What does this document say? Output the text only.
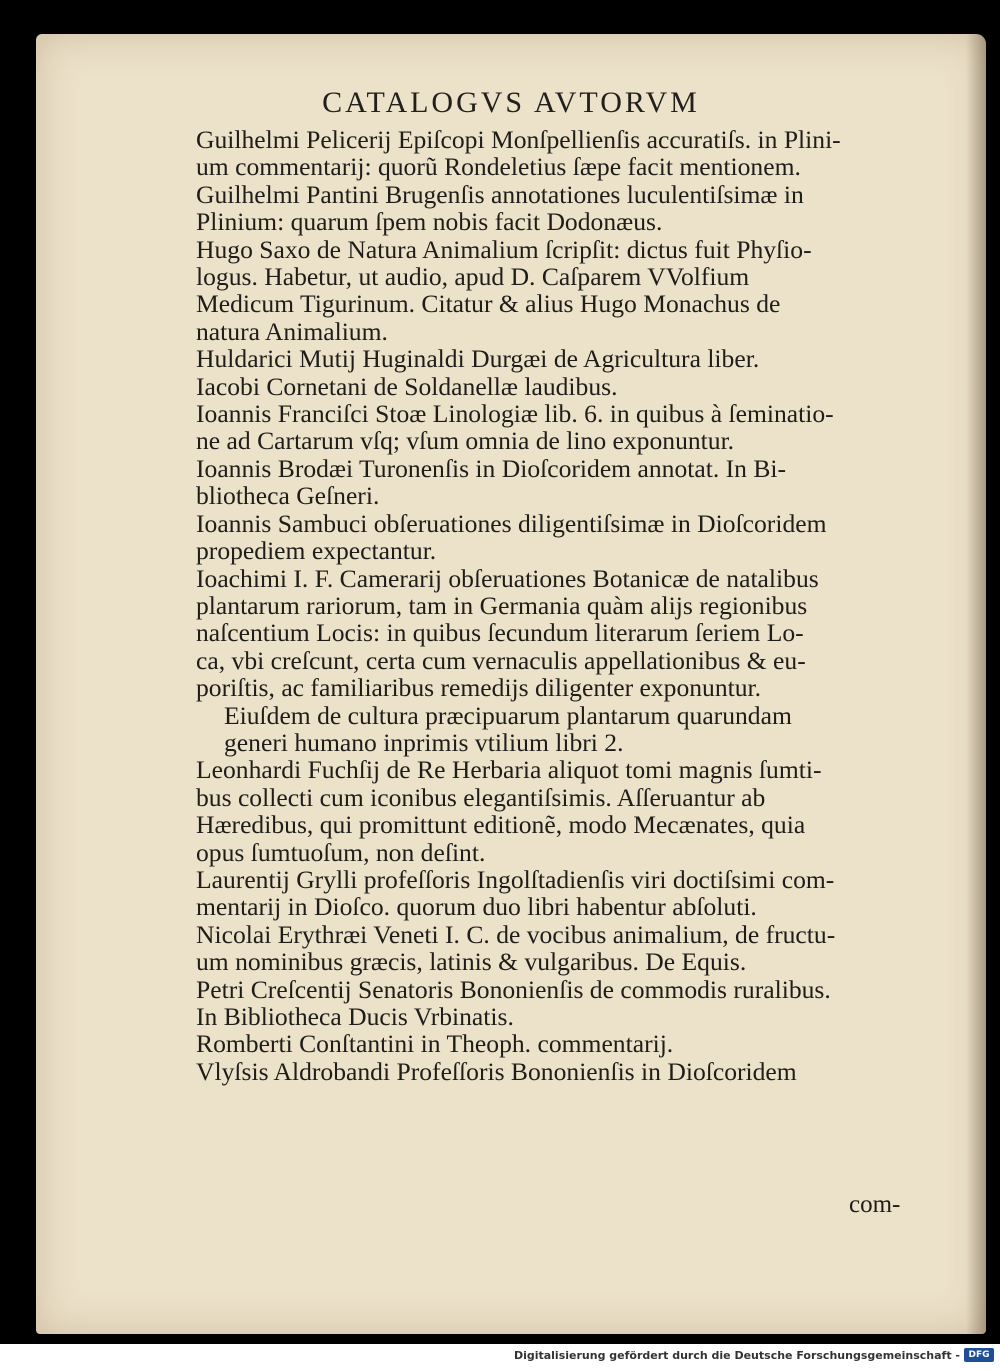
CATALOGVS AVTORVM
Guilhelmi Pelicerij Epiſcopi Monſpellienſis accuratiſs. in Plini-
um commentarij: quorũ Rondeletius ſæpe facit mentionem.
Guilhelmi Pantini Brugenſis annotationes luculentiſsimæ in
Plinium: quarum ſpem nobis facit Dodonæus.
Hugo Saxo de Natura Animalium ſcripſit: dictus fuit Phyſio-
logus. Habetur, ut audio, apud D. Caſparem VVolfium
Medicum Tigurinum. Citatur & alius Hugo Monachus de
natura Animalium.
Huldarici Mutij Huginaldi Durgæi de Agricultura liber.
Iacobi Cornetani de Soldanellæ laudibus.
Ioannis Franciſci Stoæ Linologiæ lib. 6. in quibus à ſeminatio-
ne ad Cartarum vſq; vſum omnia de lino exponuntur.
Ioannis Brodæi Turonenſis in Dioſcoridem annotat. In Bi-
bliotheca Geſneri.
Ioannis Sambuci obſeruationes diligentiſsimæ in Dioſcoridem
propediem expectantur.
Ioachimi I. F. Camerarij obſeruationes Botanicæ de natalibus
plantarum rariorum, tam in Germania quàm alijs regionibus
naſcentium Locis: in quibus ſecundum literarum ſeriem Lo-
ca, vbi creſcunt, certa cum vernaculis appellationibus & eu-
poriſtis, ac familiaribus remedijs diligenter exponuntur.
Eiuſdem de cultura præcipuarum plantarum quarundam
generi humano inprimis vtilium libri 2.
Leonhardi Fuchſij de Re Herbaria aliquot tomi magnis ſumti-
bus collecti cum iconibus elegantiſsimis. Aſſeruantur ab
Hæredibus, qui promittunt editionẽ, modo Mecænates, quia
opus ſumtuoſum, non deſint.
Laurentij Grylli profeſſoris Ingolſtadienſis viri doctiſsimi com-
mentarij in Dioſco. quorum duo libri habentur abſoluti.
Nicolai Erythræi Veneti I. C. de vocibus animalium, de fructu-
um nominibus græcis, latinis & vulgaribus. De Equis.
Petri Creſcentij Senatoris Bononienſis de commodis ruralibus.
In Bibliotheca Ducis Vrbinatis.
Romberti Conſtantini in Theoph. commentarij.
Vlyſsis Aldrobandi Profeſſoris Bononienſis in Dioſcoridem
com-
Digitalisierung gefördert durch die Deutsche Forschungsgemeinschaft - DFG
